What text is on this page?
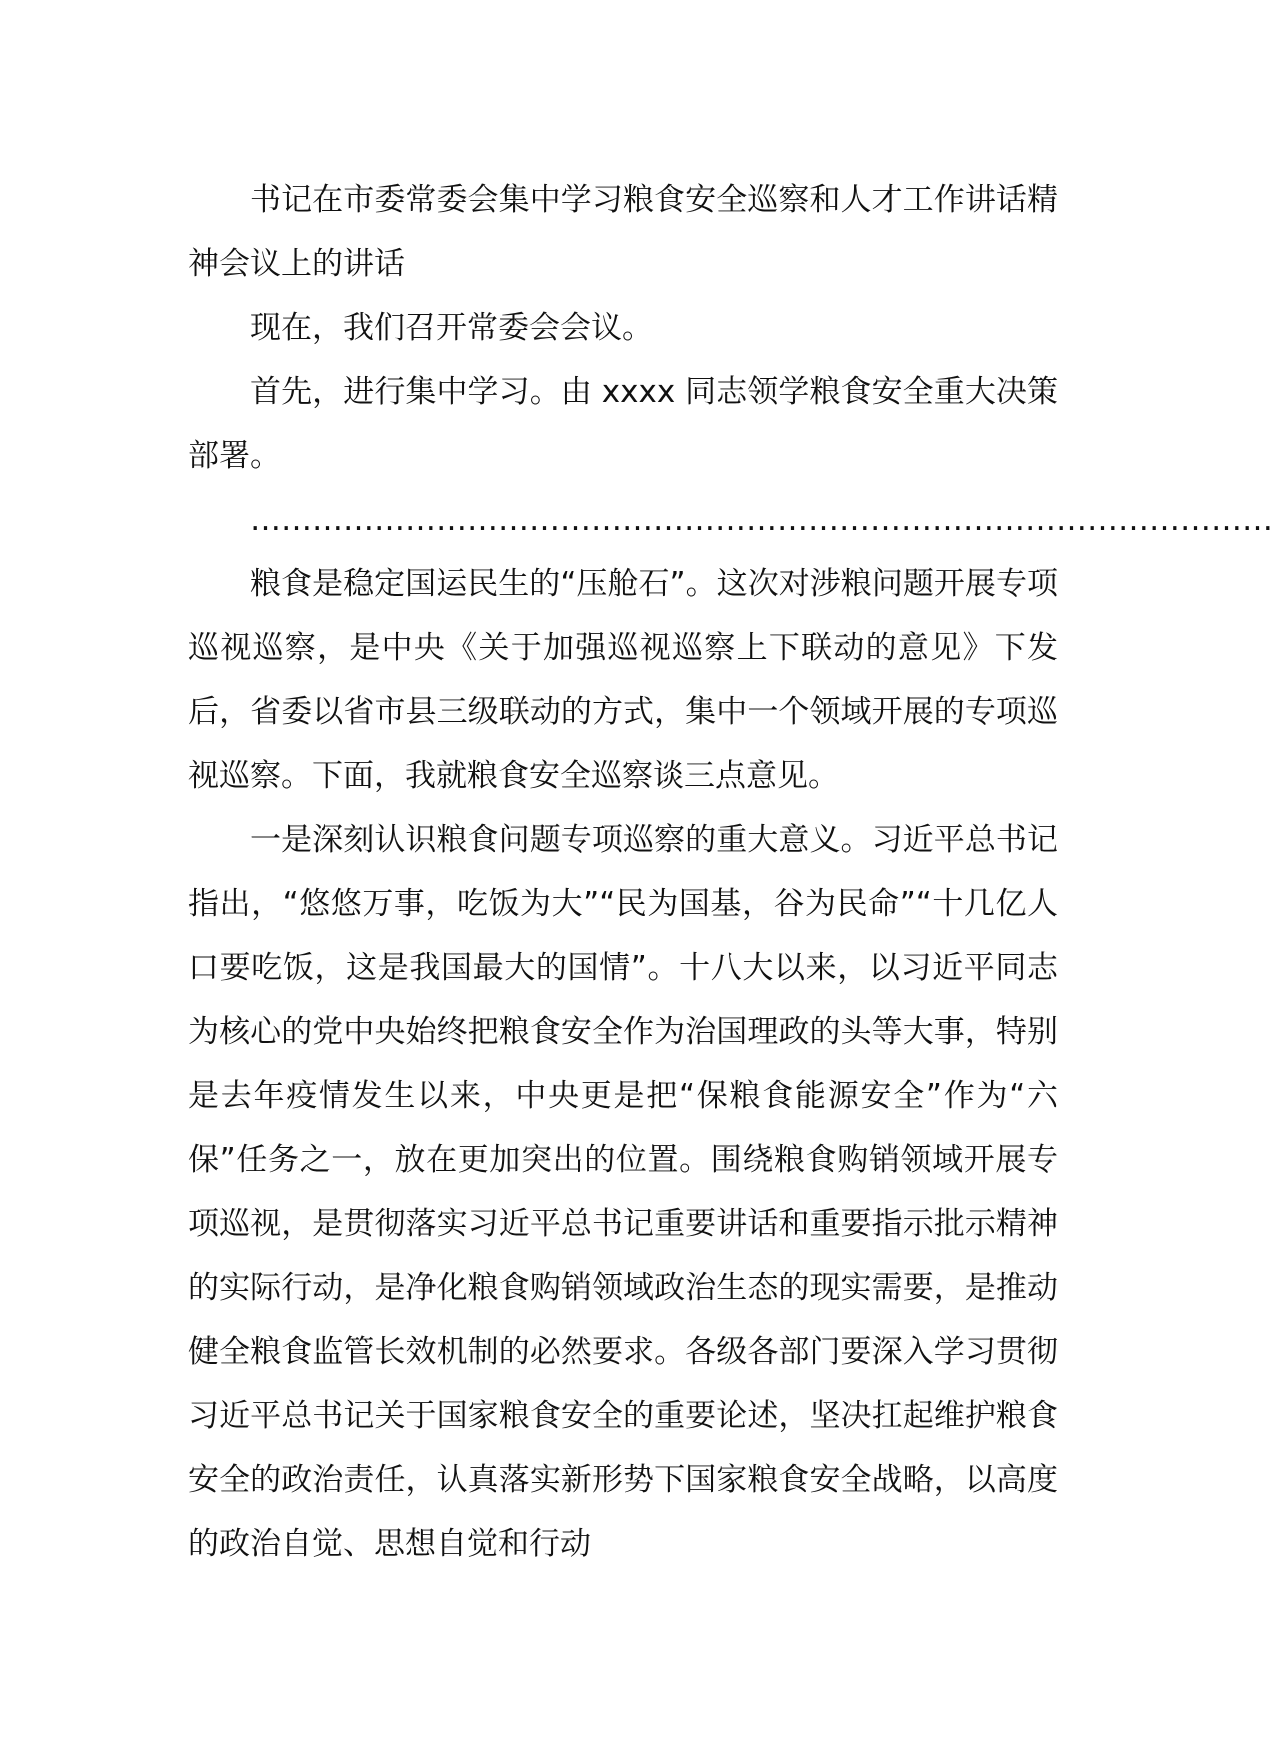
书记在市委常委会集中学习粮食安全巡察和人才工作讲话精神会议上的讲话

现在，我们召开常委会会议。

首先，进行集中学习。由 xxxx 同志领学粮食安全重大决策部署。

………………………………………………………………………………………

粮食是稳定国运民生的“压舱石”。这次对涉粮问题开展专项巡视巡察，是中央《关于加强巡视巡察上下联动的意见》下发后，省委以省市县三级联动的方式，集中一个领域开展的专项巡视巡察。下面，我就粮食安全巡察谈三点意见。

一是深刻认识粮食问题专项巡察的重大意义。习近平总书记指出，“悠悠万事，吃饭为大”“民为国基，谷为民命”“十几亿人口要吃饭，这是我国最大的国情”。十八大以来，以习近平同志为核心的党中央始终把粮食安全作为治国理政的头等大事，特别是去年疫情发生以来，中央更是把“保粮食能源安全”作为“六保”任务之一，放在更加突出的位置。围绕粮食购销领域开展专项巡视，是贯彻落实习近平总书记重要讲话和重要指示批示精神的实际行动，是净化粮食购销领域政治生态的现实需要，是推动健全粮食监管长效机制的必然要求。各级各部门要深入学习贯彻习近平总书记关于国家粮食安全的重要论述，坚决扛起维护粮食安全的政治责任，认真落实新形势下国家粮食安全战略，以高度的政治自觉、思想自觉和行动
